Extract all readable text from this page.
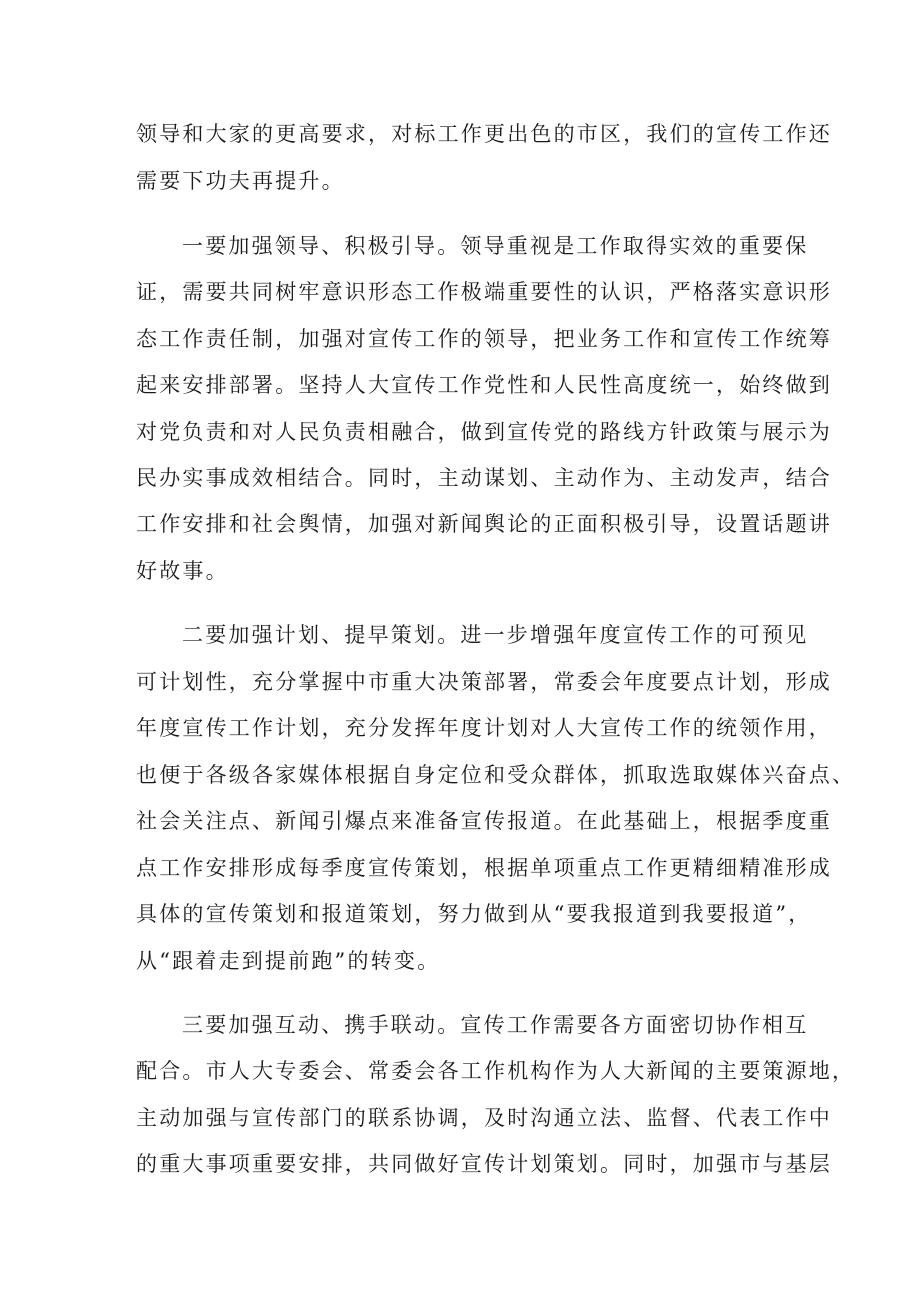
领导和大家的更高要求，对标工作更出色的市区，我们的宣传工作还
需要下功夫再提升。
一要加强领导、积极引导。领导重视是工作取得实效的重要保
证，需要共同树牢意识形态工作极端重要性的认识，严格落实意识形
态工作责任制，加强对宣传工作的领导，把业务工作和宣传工作统筹
起来安排部署。坚持人大宣传工作党性和人民性高度统一，始终做到
对党负责和对人民负责相融合，做到宣传党的路线方针政策与展示为
民办实事成效相结合。同时，主动谋划、主动作为、主动发声，结合
工作安排和社会舆情，加强对新闻舆论的正面积极引导，设置话题讲
好故事。
二要加强计划、提早策划。进一步增强年度宣传工作的可预见
可计划性，充分掌握中市重大决策部署，常委会年度要点计划，形成
年度宣传工作计划，充分发挥年度计划对人大宣传工作的统领作用，
也便于各级各家媒体根据自身定位和受众群体，抓取选取媒体兴奋点、
社会关注点、新闻引爆点来准备宣传报道。在此基础上，根据季度重
点工作安排形成每季度宣传策划，根据单项重点工作更精细精准形成
具体的宣传策划和报道策划，努力做到从“要我报道到我要报道”，
从“跟着走到提前跑”的转变。
三要加强互动、携手联动。宣传工作需要各方面密切协作相互
配合。市人大专委会、常委会各工作机构作为人大新闻的主要策源地，
主动加强与宣传部门的联系协调，及时沟通立法、监督、代表工作中
的重大事项重要安排，共同做好宣传计划策划。同时，加强市与基层
